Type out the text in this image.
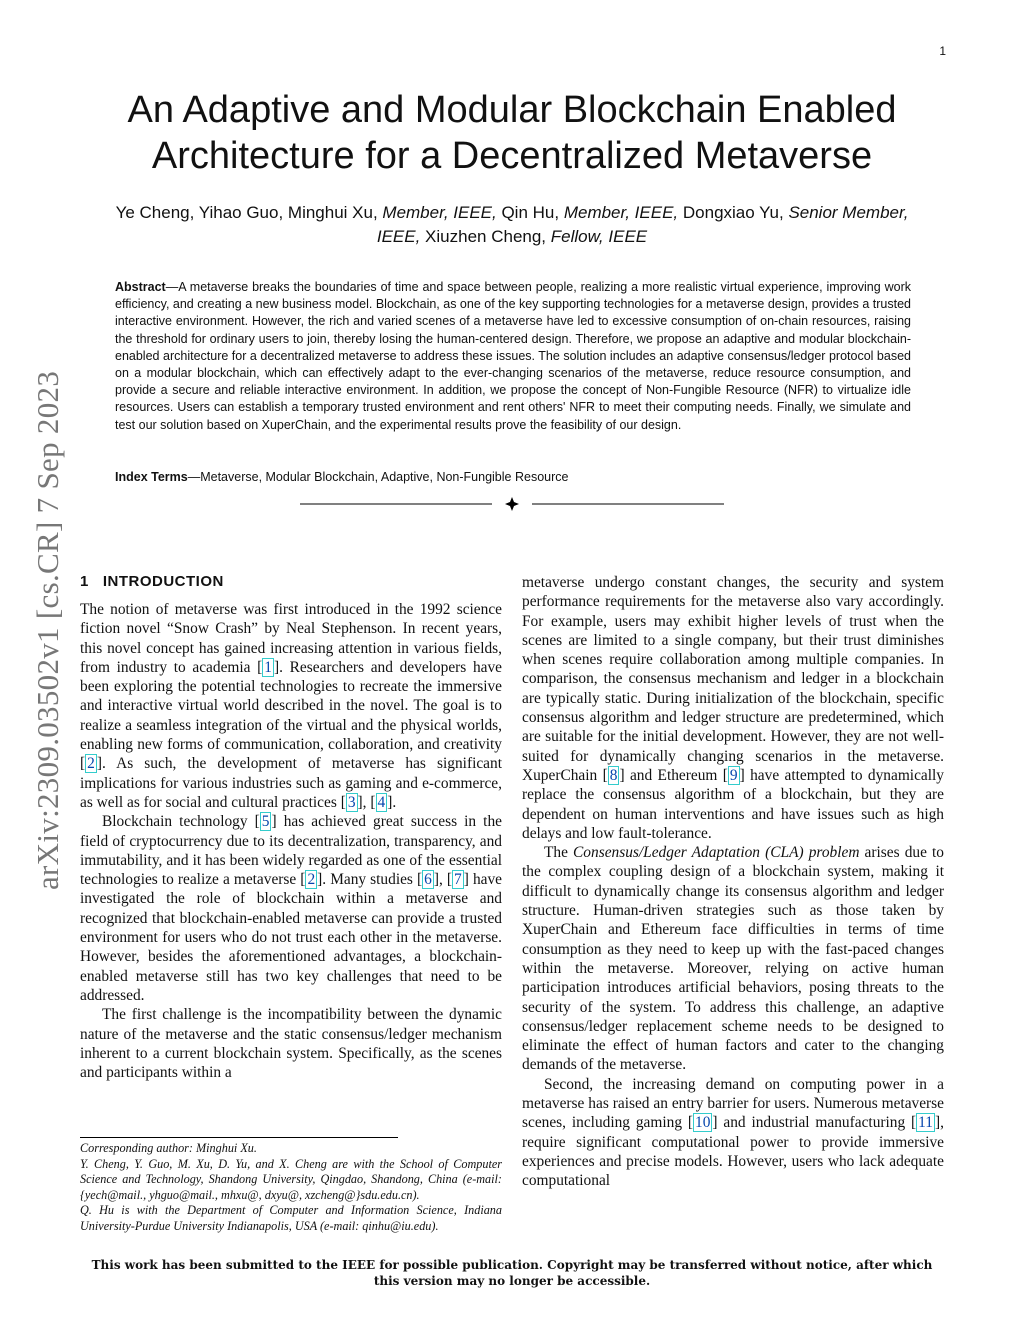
1
arXiv:2309.03502v1 [cs.CR] 7 Sep 2023
An Adaptive and Modular Blockchain Enabled
Architecture for a Decentralized Metaverse
Ye Cheng, Yihao Guo, Minghui Xu, Member, IEEE, Qin Hu, Member, IEEE, Dongxiao Yu, Senior Member, IEEE, Xiuzhen Cheng, Fellow, IEEE
Abstract—A metaverse breaks the boundaries of time and space between people, realizing a more realistic virtual experience, improving work efficiency, and creating a new business model. Blockchain, as one of the key supporting technologies for a metaverse design, provides a trusted interactive environment. However, the rich and varied scenes of a metaverse have led to excessive consumption of on-chain resources, raising the threshold for ordinary users to join, thereby losing the human-centered design. Therefore, we propose an adaptive and modular blockchain-enabled architecture for a decentralized metaverse to address these issues. The solution includes an adaptive consensus/ledger protocol based on a modular blockchain, which can effectively adapt to the ever-changing scenarios of the metaverse, reduce resource consumption, and provide a secure and reliable interactive environment. In addition, we propose the concept of Non-Fungible Resource (NFR) to virtualize idle resources. Users can establish a temporary trusted environment and rent others' NFR to meet their computing needs. Finally, we simulate and test our solution based on XuperChain, and the experimental results prove the feasibility of our design.
Index Terms—Metaverse, Modular Blockchain, Adaptive, Non-Fungible Resource
1 INTRODUCTION

The notion of metaverse was first introduced in the 1992 science fiction novel “Snow Crash” by Neal Stephenson. In recent years, this novel concept has gained increasing attention in various fields, from industry to academia [ 1 ]. Researchers and developers have been exploring the potential technologies to recreate the immersive and interactive virtual world described in the novel. The goal is to realize a seamless integration of the virtual and the physical worlds, enabling new forms of communication, collaboration, and creativity [ 2 ]. As such, the development of metaverse has significant implications for various industries such as gaming and e-commerce, as well as for social and cultural practices [ 3 ], [ 4 ].

Blockchain technology [ 5 ] has achieved great success in the field of cryptocurrency due to its decentralization, transparency, and immutability, and it has been widely regarded as one of the essential technologies to realize a metaverse [ 2 ]. Many studies [ 6 ], [ 7 ] have investigated the role of blockchain within a metaverse and recognized that blockchain-enabled metaverse can provide a trusted environment for users who do not trust each other in the metaverse. However, besides the aforementioned advantages, a blockchain-enabled metaverse still has two key challenges that need to be addressed.

The first challenge is the incompatibility between the dynamic nature of the metaverse and the static consensus/ledger mechanism inherent to a current blockchain system. Specifically, as the scenes and participants within a

metaverse undergo constant changes, the security and system performance requirements for the metaverse also vary accordingly. For example, users may exhibit higher levels of trust when the scenes are limited to a single company, but their trust diminishes when scenes require collaboration among multiple companies. In comparison, the consensus mechanism and ledger in a blockchain are typically static. During initialization of the blockchain, specific consensus algorithm and ledger structure are predetermined, which are suitable for the initial development. However, they are not well-suited for dynamically changing scenarios in the metaverse. XuperChain [ 8 ] and Ethereum [ 9 ] have attempted to dynamically replace the consensus algorithm of a blockchain, but they are dependent on human interventions and have issues such as high delays and low fault-tolerance.

The Consensus/Ledger Adaptation (CLA) problem arises due to the complex coupling design of a blockchain system, making it difficult to dynamically change its consensus algorithm and ledger structure. Human-driven strategies such as those taken by XuperChain and Ethereum face difficulties in terms of time consumption as they need to keep up with the fast-paced changes within the metaverse. Moreover, relying on active human participation introduces artificial behaviors, posing threats to the security of the system. To address this challenge, an adaptive consensus/ledger replacement scheme needs to be designed to eliminate the effect of human factors and cater to the changing demands of the metaverse.

Second, the increasing demand on computing power in a metaverse has raised an entry barrier for users. Numerous metaverse scenes, including gaming [ 10 ] and industrial manufacturing [ 11 ], require significant computational power to provide immersive experiences and precise models. However, users who lack adequate computational

Corresponding author: Minghui Xu.

Y. Cheng, Y. Guo, M. Xu, D. Yu, and X. Cheng are with the School of Computer Science and Technology, Shandong University, Qingdao, Shandong, China (e-mail: {yech@mail., yhguo@mail., mhxu@, dxyu@, xzcheng@}sdu.edu.cn).

Q. Hu is with the Department of Computer and Information Science, Indiana University-Purdue University Indianapolis, USA (e-mail: qinhu@iu.edu).

This work has been submitted to the IEEE for possible publication. Copyright may be transferred without notice, after which this version may no longer be accessible.
